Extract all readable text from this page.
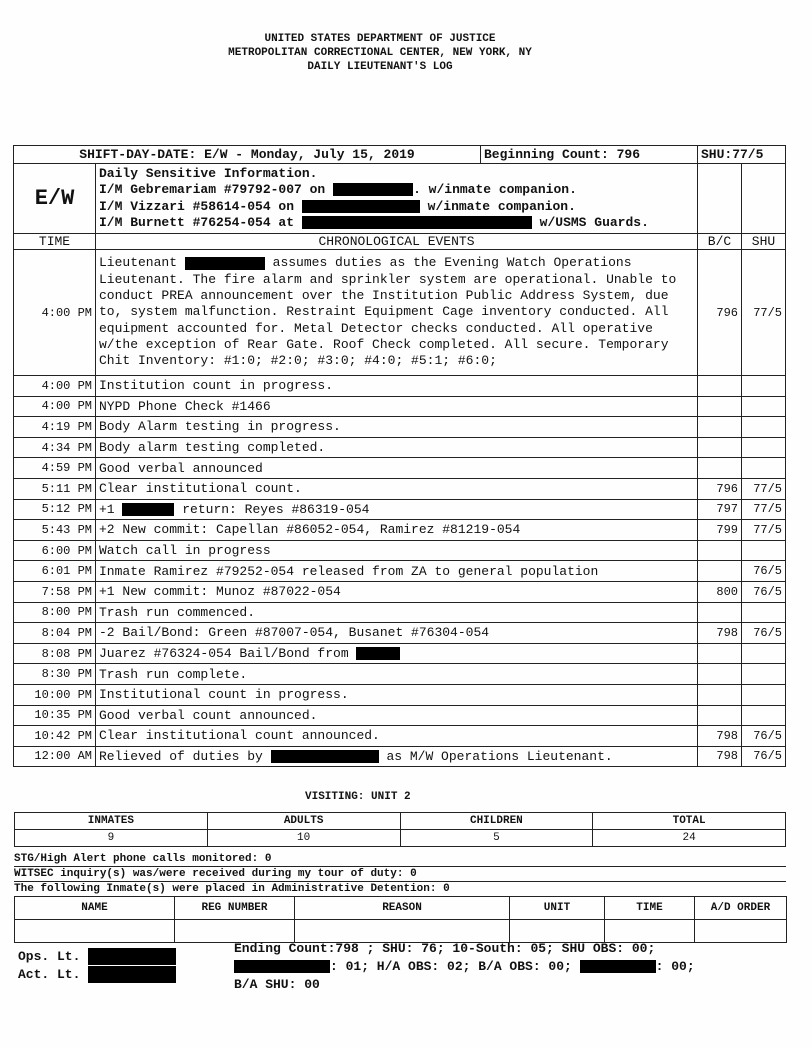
UNITED STATES DEPARTMENT OF JUSTICE
METROPOLITAN CORRECTIONAL CENTER, NEW YORK, NY
DAILY LIEUTENANT'S LOG
SHIFT-DAY-DATE: E/W - Monday, July 15, 2019		Beginning Count: 796	SHU:77/5	
E/W	Daily Sensitive Information.
I/M Gebremariam #79792-007 on . w/inmate companion.
I/M Vizzari #58614-054 on w/inmate companion.
I/M Burnett #76254-054 at w/USMS Guards.			

TIME	CHRONOLOGICAL EVENTS		B/C	SHU
4:00 PM	Lieutenant assumes duties as the Evening Watch Operations Lieutenant. The fire alarm and sprinkler system are operational. Unable to conduct PREA announcement over the Institution Public Address System, due to, system malfunction. Restraint Equipment Cage inventory conducted. All equipment accounted for. Metal Detector checks conducted. All operative w/the exception of Rear Gate. Roof Check completed. All secure. Temporary Chit Inventory: #1:0; #2:0; #3:0; #4:0; #5:1; #6:0;		796	77/5
4:00 PM	Institution count in progress.			
4:00 PM	NYPD Phone Check #1466			
4:19 PM	Body Alarm testing in progress.			
4:34 PM	Body alarm testing completed.			
4:59 PM	Good verbal announced			
5:11 PM	Clear institutional count.		796	77/5
5:12 PM	+1 return: Reyes #86319-054		797	77/5
5:43 PM	+2 New commit: Capellan #86052-054, Ramirez #81219-054		799	77/5
6:00 PM	Watch call in progress			
6:01 PM	Inmate Ramirez #79252-054 released from ZA to general population			76/5
7:58 PM	+1 New commit: Munoz #87022-054		800	76/5
8:00 PM	Trash run commenced.			
8:04 PM	-2 Bail/Bond: Green #87007-054, Busanet #76304-054		798	76/5
8:08 PM	Juarez #76324-054 Bail/Bond from			
8:30 PM	Trash run complete.			
10:00 PM	Institutional count in progress.			
10:35 PM	Good verbal count announced.			
10:42 PM	Clear institutional count announced.		798	76/5
12:00 AM	Relieved of duties by as M/W Operations Lieutenant.		798	76/5
VISITING: UNIT 2
INMATES	ADULTS	CHILDREN	TOTAL
9	10	5	24
STG/High Alert phone calls monitored: 0
WITSEC inquiry(s) was/were received during my tour of duty: 0
The following Inmate(s) were placed in Administrative Detention: 0
NAME	REG NUMBER	REASON	UNIT	TIME	A/D ORDER

Ops. Lt.
Act. Lt.
Ending Count:798 ; SHU: 76; 10-South: 05; SHU OBS: 00;
: 01; H/A OBS: 02; B/A OBS: 00;	: 00;
B/A SHU: 00
